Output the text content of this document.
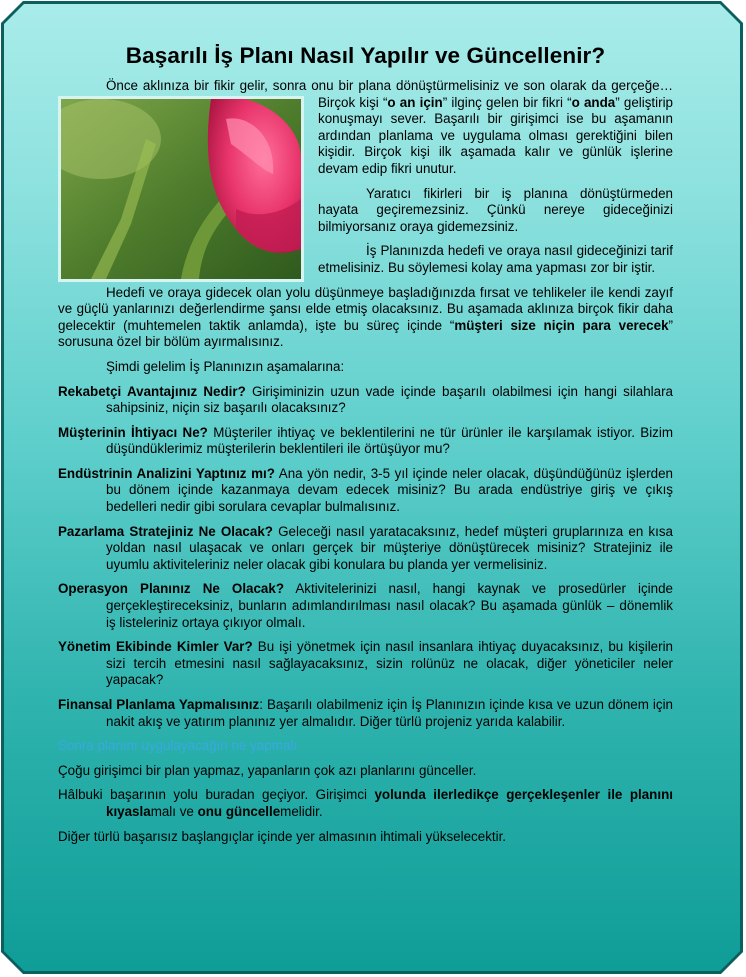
Başarılı İş Planı Nasıl Yapılır ve Güncellenir?

Önce aklınıza bir fikir gelir, sonra onu bir plana dönüştürmelisiniz ve son olarak da gerçeğe… Birçok kişi “
o an için” ilginç gelen bir fikri “o anda” geliştirip konuşmayı sever. Başarılı bir girişimci ise bu aşamanın ardından planlama ve uygulama olması gerektiğini bilen kişidir. Birçok kişi ilk aşamada kalır ve günlük işlerine devam edip fikri unutur.

Yaratıcı fikirleri bir iş planına dönüştürmeden hayata geçiremezsiniz. Çünkü nereye gideceğinizi bilmiyorsanız oraya gidemezsiniz.

İş Planınızda hedefi ve oraya nasıl gideceğinizi tarif etmelisiniz. Bu söylemesi kolay ama yapması zor bir iştir.

Hedefi ve oraya gidecek olan yolu düşünmeye başladığınızda fırsat ve tehlikeler ile kendi zayıf ve güçlü yanlarınızı değerlendirme şansı elde etmiş olacaksınız. Bu aşamada aklınıza birçok fikir daha gelecektir (muhtemelen taktik anlamda), işte bu süreç içinde “müşteri size niçin para verecek” sorusuna özel bir bölüm ayırmalısınız.

Şimdi gelelim İş Planınızın aşamalarına:

Rekabetçi Avantajınız Nedir? Girişiminizin uzun vade içinde başarılı olabilmesi için hangi silahlara sahipsiniz, niçin siz başarılı olacaksınız?

Müşterinin İhtiyacı Ne? Müşteriler ihtiyaç ve beklentilerini ne tür ürünler ile karşılamak istiyor. Bizim düşündüklerimiz müşterilerin beklentileri ile örtüşüyor mu?

Endüstrinin Analizini Yaptınız mı? Ana yön nedir, 3-5 yıl içinde neler olacak, düşündüğünüz işlerden bu dönem içinde kazanmaya devam edecek misiniz? Bu arada endüstriye giriş ve çıkış bedelleri nedir gibi sorulara cevaplar bulmalısınız.

Pazarlama Stratejiniz Ne Olacak? Geleceği nasıl yaratacaksınız, hedef müşteri gruplarınıza en kısa yoldan nasıl ulaşacak ve onları gerçek bir müşteriye dönüştürecek misiniz? Stratejiniz ile uyumlu aktiviteleriniz neler olacak gibi konulara bu planda yer vermelisiniz.

Operasyon Planınız Ne Olacak? Aktivitelerinizi nasıl, hangi kaynak ve prosedürler içinde gerçekleştireceksiniz, bunların adımlandırılması nasıl olacak? Bu aşamada günlük – dönemlik iş listeleriniz ortaya çıkıyor olmalı.

Yönetim Ekibinde Kimler Var? Bu işi yönetmek için nasıl insanlara ihtiyaç duyacaksınız, bu kişilerin sizi tercih etmesini nasıl sağlayacaksınız, sizin rolünüz ne olacak, diğer yöneticiler neler yapacak?

Finansal Planlama Yapmalısınız: Başarılı olabilmeniz için İş Planınızın içinde kısa ve uzun dönem için nakit akış ve yatırım planınız yer almalıdır. Diğer türlü projeniz yarıda kalabilir.

Sonra planını uygulayacağın ne yapmalı

Çoğu girişimci bir plan yapmaz, yapanların çok azı planlarını günceller.

Hâlbuki başarının yolu buradan geçiyor. Girişimci yolunda ilerledikçe gerçekleşenler ile planını kıyaslamalı ve onu güncellemelidir.

Diğer türlü başarısız başlangıçlar içinde yer almasının ihtimali yükselecektir.
